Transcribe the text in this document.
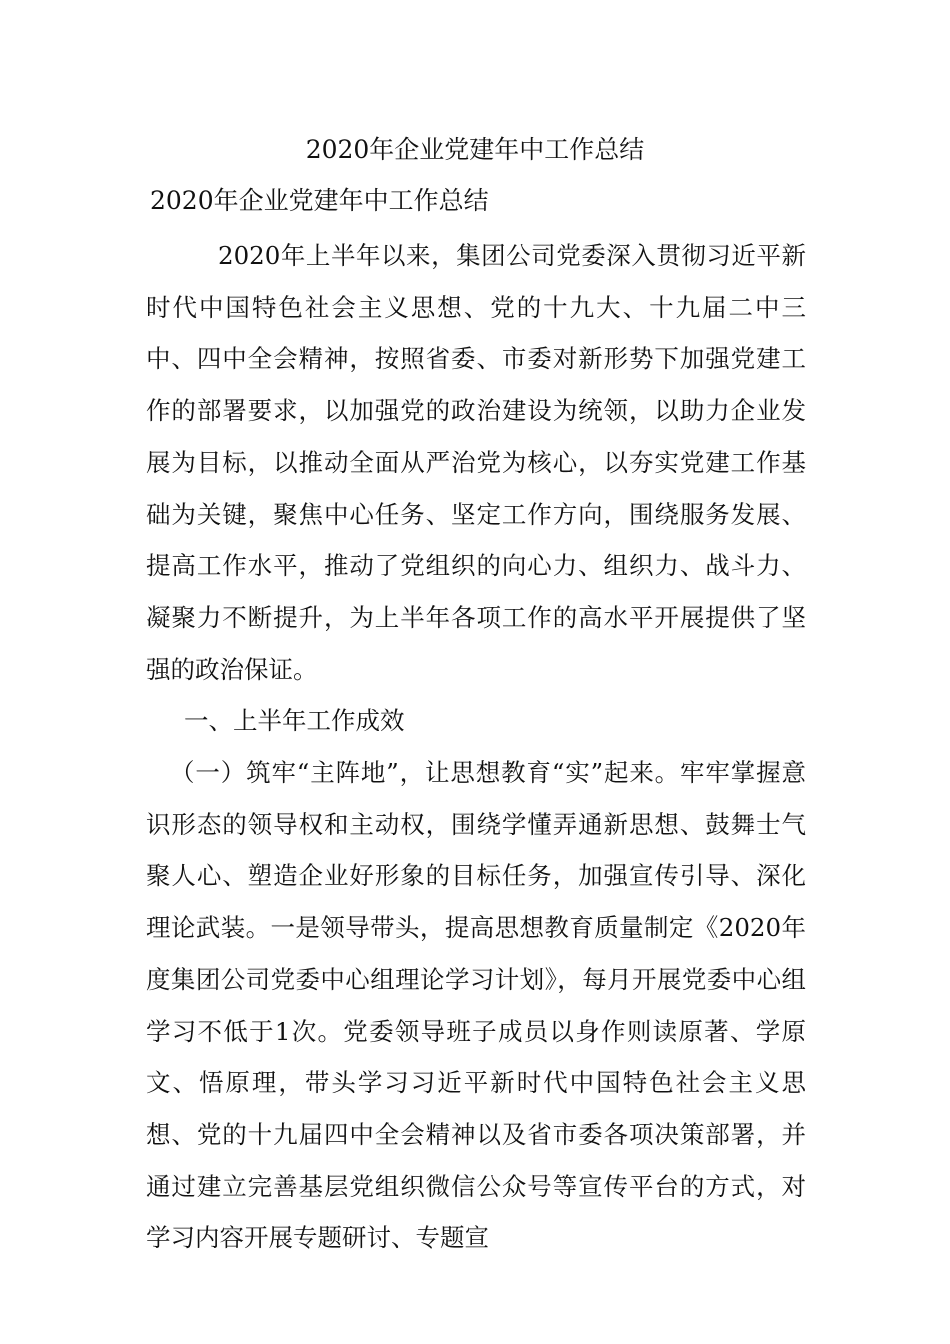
2020年企业党建年中工作总结
2020年企业党建年中工作总结

2020年上半年以来，集团公司党委深入贯彻习近平新时代中国特色社会主义思想、党的十九大、十九届二中三中、四中全会精神，按照省委、市委对新形势下加强党建工作的部署要求，以加强党的政治建设为统领，以助力企业发展为目标，以推动全面从严治党为核心，以夯实党建工作基础为关键，聚焦中心任务、坚定工作方向，围绕服务发展、提高工作水平，推动了党组织的向心力、组织力、战斗力、凝聚力不断提升，为上半年各项工作的高水平开展提供了坚强的政治保证。

一、上半年工作成效

（一）筑牢“主阵地”，让思想教育“实”起来。牢牢掌握意识形态的领导权和主动权，围绕学懂弄通新思想、鼓舞士气聚人心、塑造企业好形象的目标任务，加强宣传引导、深化理论武装。一是领导带头，提高思想教育质量制定《2020年度集团公司党委中心组理论学习计划》，每月开展党委中心组学习不低于1次。党委领导班子成员以身作则读原著、学原文、悟原理，带头学习习近平新时代中国特色社会主义思想、党的十九届四中全会精神以及省市委各项决策部署，并通过建立完善基层党组织微信公众号等宣传平台的方式，对学习内容开展专题研讨、专题宣
